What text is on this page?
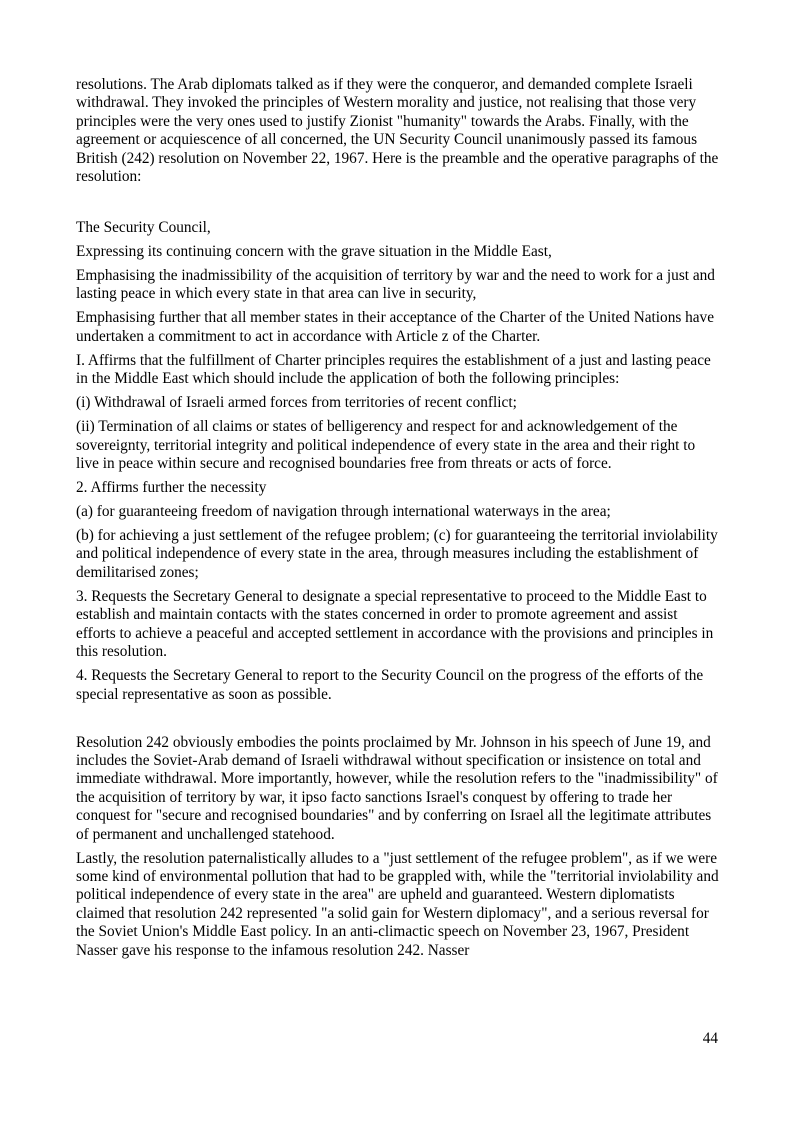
resolutions. The Arab diplomats talked as if they were the conqueror, and demanded complete Israeli withdrawal. They invoked the principles of Western morality and justice, not realising that those very principles were the very ones used to justify Zionist "humanity" towards the Arabs. Finally, with the agreement or acquiescence of all concerned, the UN Security Council unanimously passed its famous British (242) resolution on November 22, 1967. Here is the preamble and the operative paragraphs of the resolution:

The Security Council,

Expressing its continuing concern with the grave situation in the Middle East,

Emphasising the inadmissibility of the acquisition of territory by war and the need to work for a just and lasting peace in which every state in that area can live in security,

Emphasising further that all member states in their acceptance of the Charter of the United Nations have undertaken a commitment to act in accordance with Article z of the Charter.

I. Affirms that the fulfillment of Charter principles requires the establishment of a just and lasting peace in the Middle East which should include the application of both the following principles:

(i) Withdrawal of Israeli armed forces from territories of recent conflict;

(ii) Termination of all claims or states of belligerency and respect for and acknowledgement of the sovereignty, territorial integrity and political independence of every state in the area and their right to live in peace within secure and recognised boundaries free from threats or acts of force.

2. Affirms further the necessity

(a) for guaranteeing freedom of navigation through international waterways in the area;

(b) for achieving a just settlement of the refugee problem; (c) for guaranteeing the territorial inviolability and political independence of every state in the area, through measures including the establishment of demilitarised zones;

3. Requests the Secretary General to designate a special representative to proceed to the Middle East to establish and maintain contacts with the states concerned in order to promote agreement and assist efforts to achieve a peaceful and accepted settlement in accordance with the provisions and principles in this resolution.

4. Requests the Secretary General to report to the Security Council on the progress of the efforts of the special representative as soon as possible.

Resolution 242 obviously embodies the points proclaimed by Mr. Johnson in his speech of June 19, and includes the Soviet-Arab demand of Israeli withdrawal without specification or insistence on total and immediate withdrawal. More importantly, however, while the resolution refers to the "inadmissibility" of the acquisition of territory by war, it ipso facto sanctions Israel's conquest by offering to trade her conquest for "secure and recognised boundaries" and by conferring on Israel all the legitimate attributes of permanent and unchallenged statehood.

Lastly, the resolution paternalistically alludes to a "just settlement of the refugee problem", as if we were some kind of environmental pollution that had to be grappled with, while the "territorial inviolability and political independence of every state in the area" are upheld and guaranteed. Western diplomatists claimed that resolution 242 represented "a solid gain for Western diplomacy", and a serious reversal for the Soviet Union's Middle East policy. In an anti-climactic speech on November 23, 1967, President Nasser gave his response to the infamous resolution 242. Nasser

44
